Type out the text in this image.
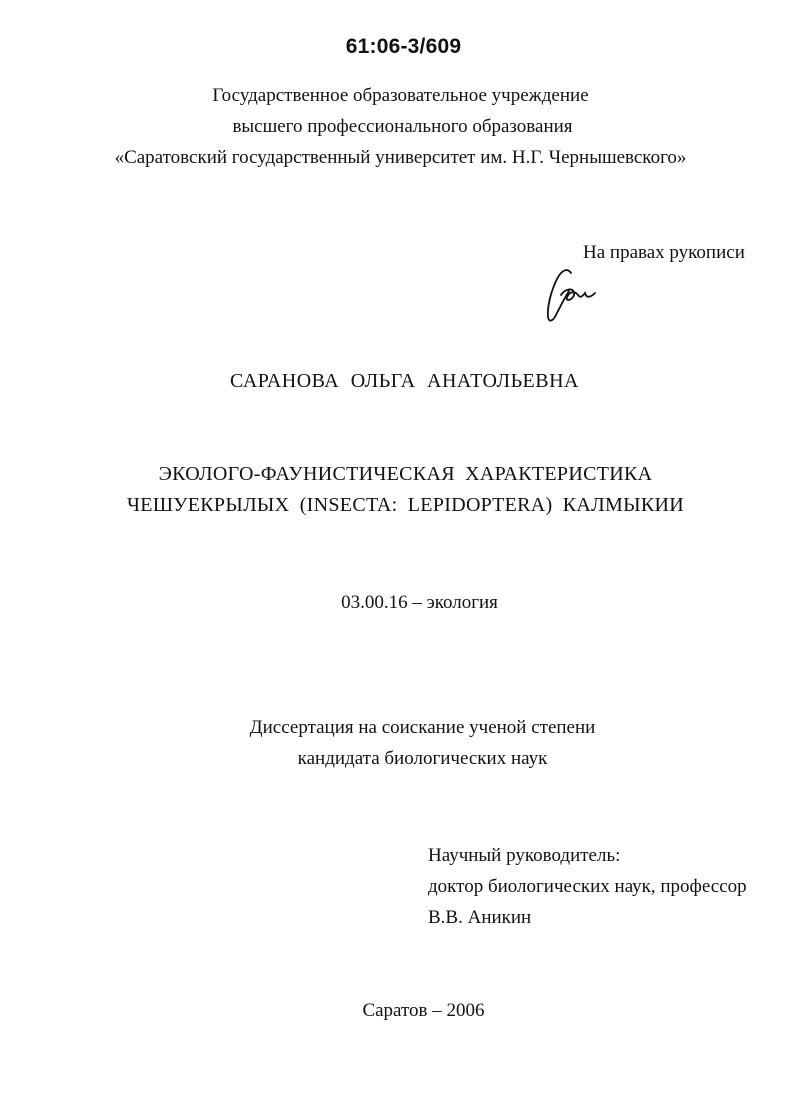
61:06-3/609
Государственное образовательное учреждение
высшего профессионального образования
«Саратовский государственный университет им. Н.Г. Чернышевского»
На правах рукописи
САРАНОВА ОЛЬГА АНАТОЛЬЕВНА
ЭКОЛОГО-ФАУНИСТИЧЕСКАЯ ХАРАКТЕРИСТИКА
ЧЕШУЕКРЫЛЫХ (INSECTA: LEPIDOPTERA) КАЛМЫКИИ
03.00.16 – экология
Диссертация на соискание ученой степени
кандидата биологических наук
Научный руководитель:
доктор биологических наук, профессор
В.В. Аникин
Саратов – 2006
